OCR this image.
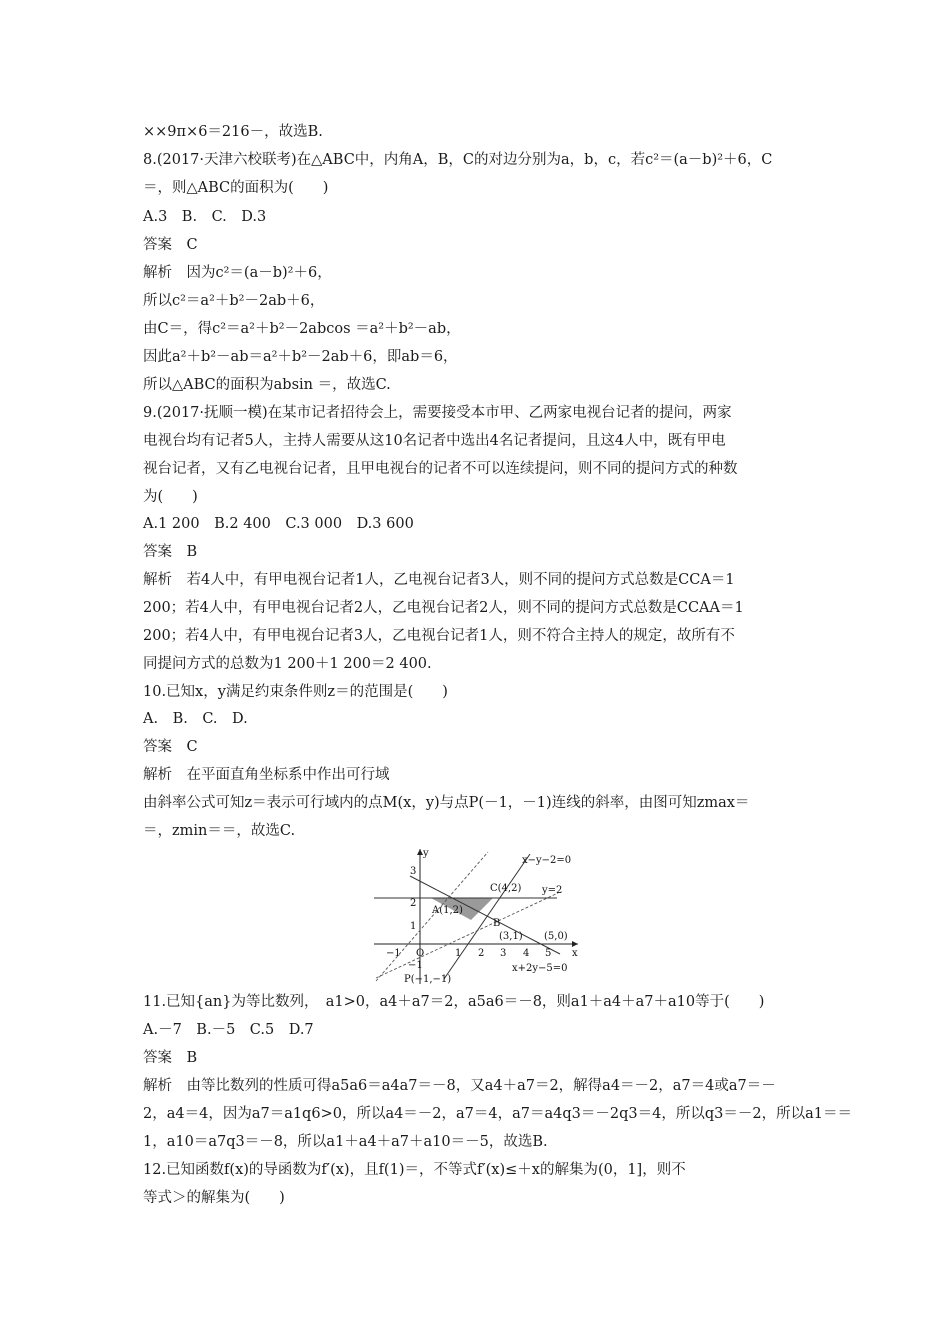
××9π×6＝216－，故选B.
8.(2017·天津六校联考)在△ABC中，内角A，B，C的对边分别为a，b，c，若c²＝(a－b)²＋6，C
＝，则△ABC的面积为(　　)
A.3　B.　C.　D.3
答案　C
解析　因为c²＝(a－b)²＋6，
所以c²＝a²＋b²－2ab＋6，
由C＝，得c²＝a²＋b²－2abcos ＝a²＋b²－ab，
因此a²＋b²－ab＝a²＋b²－2ab＋6，即ab＝6，
所以△ABC的面积为absin ＝，故选C.
9.(2017·抚顺一模)在某市记者招待会上，需要接受本市甲、乙两家电视台记者的提问，两家
电视台均有记者5人，主持人需要从这10名记者中选出4名记者提问，且这4人中，既有甲电
视台记者，又有乙电视台记者，且甲电视台的记者不可以连续提问，则不同的提问方式的种数
为(　　)
A.1 200　B.2 400　C.3 000　D.3 600
答案　B
解析　若4人中，有甲电视台记者1人，乙电视台记者3人，则不同的提问方式总数是CCA＝1
200；若4人中，有甲电视台记者2人，乙电视台记者2人，则不同的提问方式总数是CCAA＝1
200；若4人中，有甲电视台记者3人，乙电视台记者1人，则不符合主持人的规定，故所有不
同提问方式的总数为1 200＋1 200＝2 400.
10.已知x，y满足约束条件则z＝的范围是(　　)
A.　B.　C.　D.
答案　C
解析　在平面直角坐标系中作出可行域
由斜率公式可知z＝表示可行域内的点M(x，y)与点P(－1，－1)连线的斜率，由图可知zmax＝
＝，zmin＝＝，故选C.
y
x
O
x−y−2=0
y=2
x+2y−5=0
C(4,2)
A(1,2)
B
(3,1) (5,0)
P(−1,−1)
3
2
1
−1
−1	1 2 3 4 5
11.已知{an}为等比数列，　a1>0，a4＋a7＝2，a5a6＝－8，则a1＋a4＋a7＋a10等于(　　)
A.－7　B.－5　C.5　D.7
答案　B
解析　由等比数列的性质可得a5a6＝a4a7＝－8，又a4＋a7＝2，解得a4＝－2，a7＝4或a7＝－
2，a4＝4，因为a7＝a1q6>0，所以a4＝－2，a7＝4，a7＝a4q3＝－2q3＝4，所以q3＝－2，所以a1＝＝
1，a10＝a7q3＝－8，所以a1＋a4＋a7＋a10＝－5，故选B.
12.已知函数f(x)的导函数为f′(x)，且f(1)＝，不等式f′(x)≤＋x的解集为(0，1]，则不
等式＞的解集为(　　)
